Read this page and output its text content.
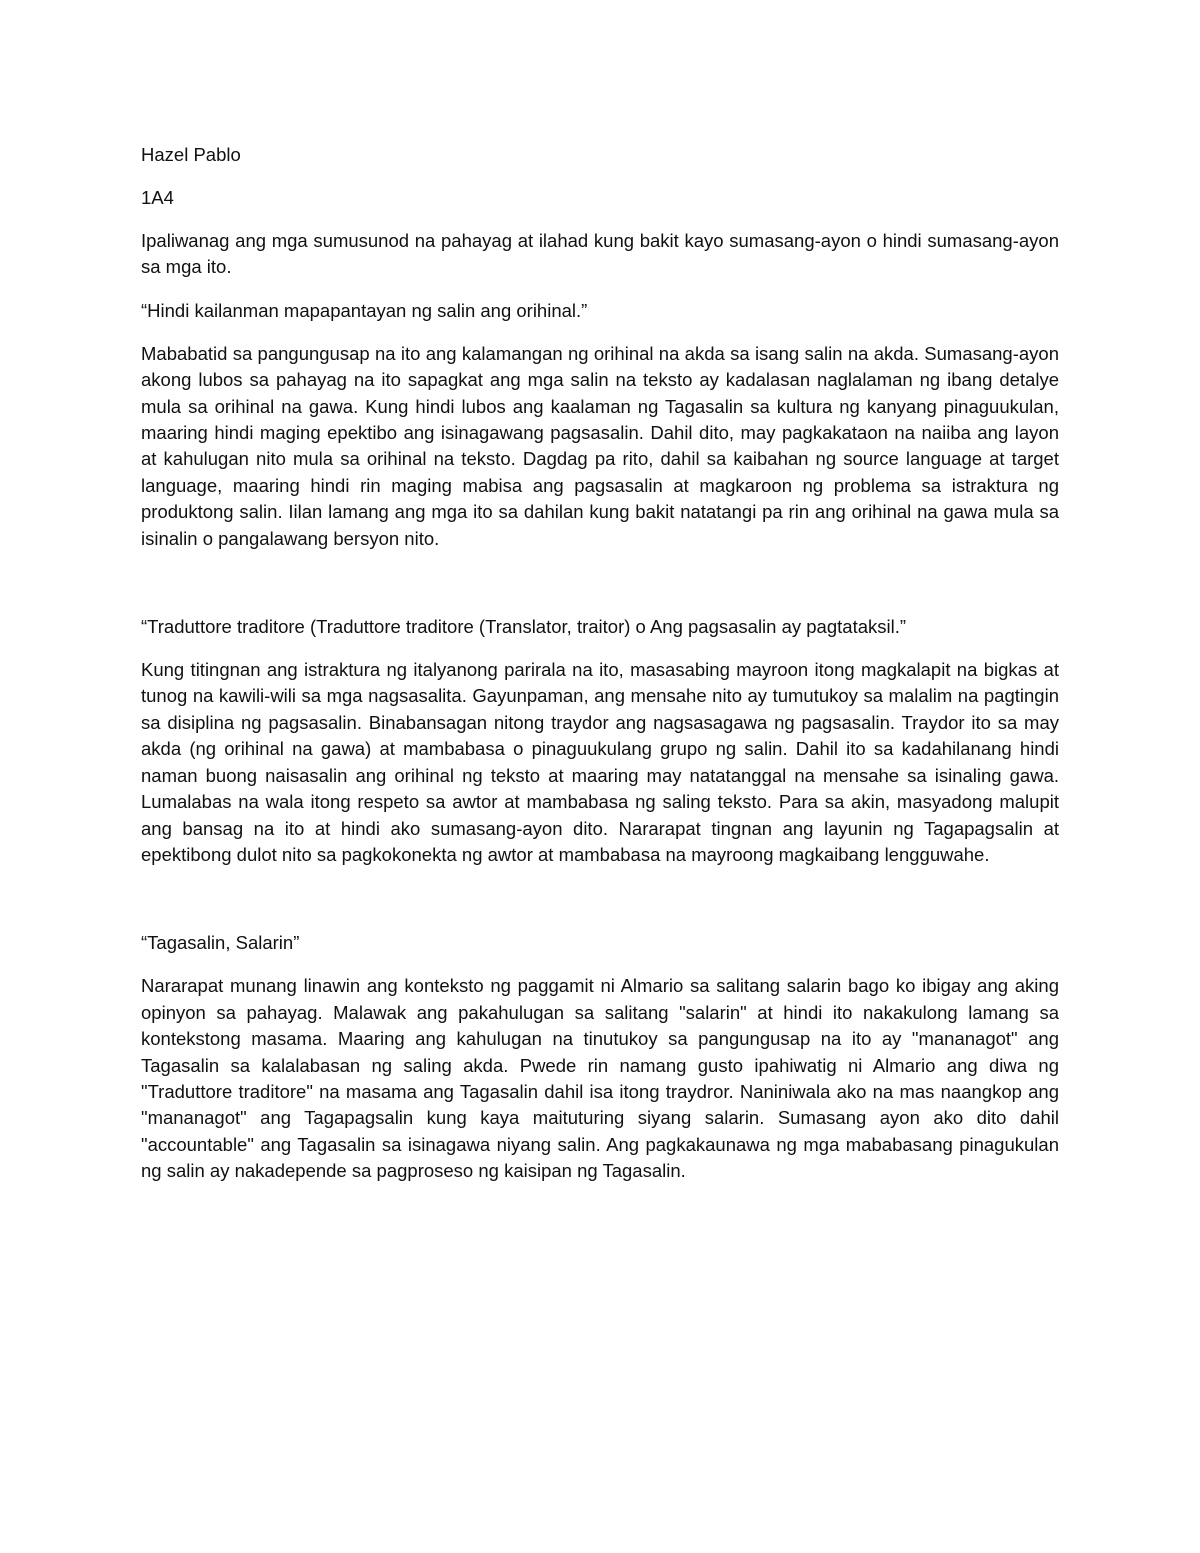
Hazel Pablo

1A4

Ipaliwanag ang mga sumusunod na pahayag at ilahad kung bakit kayo sumasang-ayon o hindi sumasang-ayon sa mga ito.

“Hindi kailanman mapapantayan ng salin ang orihinal.”

Mababatid sa pangungusap na ito ang kalamangan ng orihinal na akda sa isang salin na akda. Sumasang-ayon akong lubos sa pahayag na ito sapagkat ang mga salin na teksto ay kadalasan naglalaman ng ibang detalye mula sa orihinal na gawa. Kung hindi lubos ang kaalaman ng Tagasalin sa kultura ng kanyang pinaguukulan, maaring hindi maging epektibo ang isinagawang pagsasalin. Dahil dito, may pagkakataon na naiiba ang layon at kahulugan nito mula sa orihinal na teksto. Dagdag pa rito, dahil sa kaibahan ng source language at target language, maaring hindi rin maging mabisa ang pagsasalin at magkaroon ng problema sa istraktura ng produktong salin. Iilan lamang ang mga ito sa dahilan kung bakit natatangi pa rin ang orihinal na gawa mula sa isinalin o pangalawang bersyon nito.

“Traduttore traditore (Traduttore traditore (Translator, traitor) o Ang pagsasalin ay pagtataksil.”

Kung titingnan ang istraktura ng italyanong parirala na ito, masasabing mayroon itong magkalapit na bigkas at tunog na kawili-wili sa mga nagsasalita. Gayunpaman, ang mensahe nito ay tumutukoy sa malalim na pagtingin sa disiplina ng pagsasalin. Binabansagan nitong traydor ang nagsasagawa ng pagsasalin. Traydor ito sa may akda (ng orihinal na gawa) at mambabasa o pinaguukulang grupo ng salin. Dahil ito sa kadahilanang hindi naman buong naisasalin ang orihinal ng teksto at maaring may natatanggal na mensahe sa isinaling gawa. Lumalabas na wala itong respeto sa awtor at mambabasa ng saling teksto. Para sa akin, masyadong malupit ang bansag na ito at hindi ako sumasang-ayon dito. Nararapat tingnan ang layunin ng Tagapagsalin at epektibong dulot nito sa pagkokonekta ng awtor at mambabasa na mayroong magkaibang lengguwahe.

“Tagasalin, Salarin”

Nararapat munang linawin ang konteksto ng paggamit ni Almario sa salitang salarin bago ko ibigay ang aking opinyon sa pahayag. Malawak ang pakahulugan sa salitang "salarin" at hindi ito nakakulong lamang sa kontekstong masama. Maaring ang kahulugan na tinutukoy sa pangungusap na ito ay "mananagot" ang Tagasalin sa kalalabasan ng saling akda. Pwede rin namang gusto ipahiwatig ni Almario ang diwa ng "Traduttore traditore" na masama ang Tagasalin dahil isa itong traydror. Naniniwala ako na mas naangkop ang "mananagot" ang Tagapagsalin kung kaya maituturing siyang salarin. Sumasang ayon ako dito dahil "accountable" ang Tagasalin sa isinagawa niyang salin. Ang pagkakaunawa ng mga mababasang pinagukulan ng salin ay nakadepende sa pagproseso ng kaisipan ng Tagasalin.
